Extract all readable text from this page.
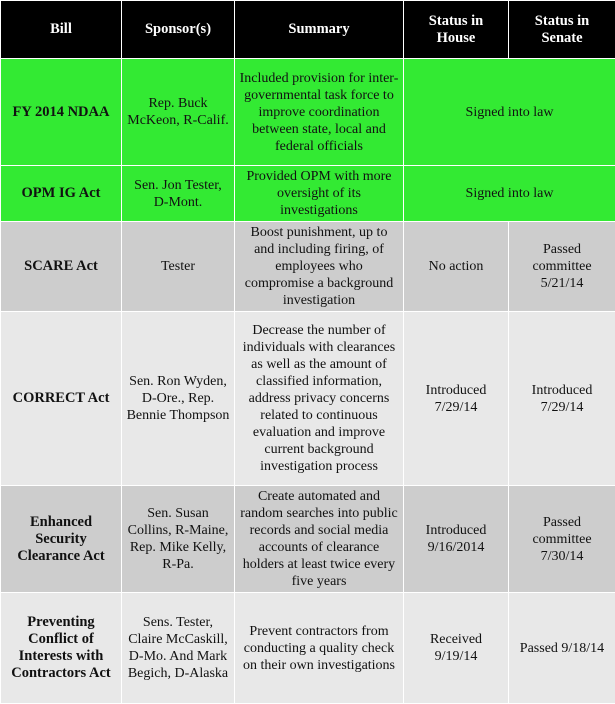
Bill	Sponsor(s)	Summary	Status in House	Status in Senate
FY 2014 NDAA	Rep. Buck McKeon, R-Calif.	Included provision for inter-governmental task force to improve coordination between state, local and federal officials	Signed into law	
OPM IG Act	Sen. Jon Tester, D-Mont.	Provided OPM with more oversight of its investigations	Signed into law	
SCARE Act	Tester	Boost punishment, up to and including firing, of employees who compromise a background investigation	No action	Passed committee 5/21/14
CORRECT Act	Sen. Ron Wyden, D-Ore., Rep. Bennie Thompson	Decrease the number of individuals with clearances as well as the amount of classified information, address privacy concerns related to continuous evaluation and improve current background investigation process	Introduced 7/29/14	Introduced 7/29/14
Enhanced Security Clearance Act	Sen. Susan Collins, R-Maine, Rep. Mike Kelly, R-Pa.	Create automated and random searches into public records and social media accounts of clearance holders at least twice every five years	Introduced 9/16/2014	Passed committee 7/30/14
Preventing Conflict of Interests with Contractors Act	Sens. Tester, Claire McCaskill, D-Mo. And Mark Begich, D-Alaska	Prevent contractors from conducting a quality check on their own investigations	Received 9/19/14	Passed 9/18/14
